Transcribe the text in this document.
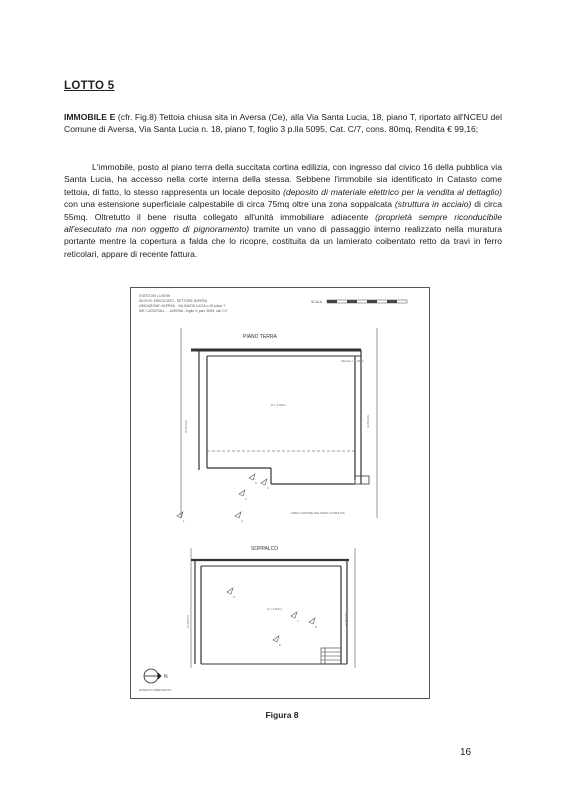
LOTTO 5

IMMOBILE E (cfr. Fig.8) Tettoia chiusa sita in Aversa (Ce), alla Via Santa Lucia, 18, piano T, riportato all'NCEU del Comune di Aversa, Via Santa Lucia n. 18, piano T, foglio 3 p.lla 5095, Cat. C/7, cons. 80mq, Rendita € 99,16;

L'immobile, posto al piano terra della succitata cortina edilizia, con ingresso dal civico 16 della pubblica via Santa Lucia, ha accesso nella corte interna della stessa. Sebbene l'immobile sia identificato in Catasto come tettoia, di fatto, lo stesso rappresenta un locale deposito (deposito di materiale elettrico per la vendita al dettaglio) con una estensione superficiale calpestabile di circa 75mq oltre una zona soppalcata (struttura in acciaio) di circa 55mq. Oltretutto il bene risulta collegato all'unità immobiliare adiacente (proprietà sempre riconducibile all'esecutato ma non oggetto di pignoramento) tramite un vano di passaggio interno realizzato nella muratura portante mentre la copertura a falda che lo ricopre, costituita da un lamierato coibentato retto da travi in ferro reticolari, appare di recente fattura.

STATO DEI LUOGHI
SIGG.RI: ESECUTATO - SETTORE AVERSA
UBICAZIONE: AVERSA - VIA SANTA LUCIA n.16 piano T
IDE. CATASTALI: ... AVERSA - foglio 3, part. 5095, cat. C/7
SCALA
PIANO TERRA
H = 2.90mt
Altezza = 4.00mt
ALTEZZA	ALTEZZA
AREA COMUNE DEL'AREA CORTILIVA
1	2
3
4
5
SOPPALCO
H = 2.50mt
ALTEZZA	ALTEZZA
6
7
8
9
N
DISEGNO ABBOZZATO
Figura 8
16
